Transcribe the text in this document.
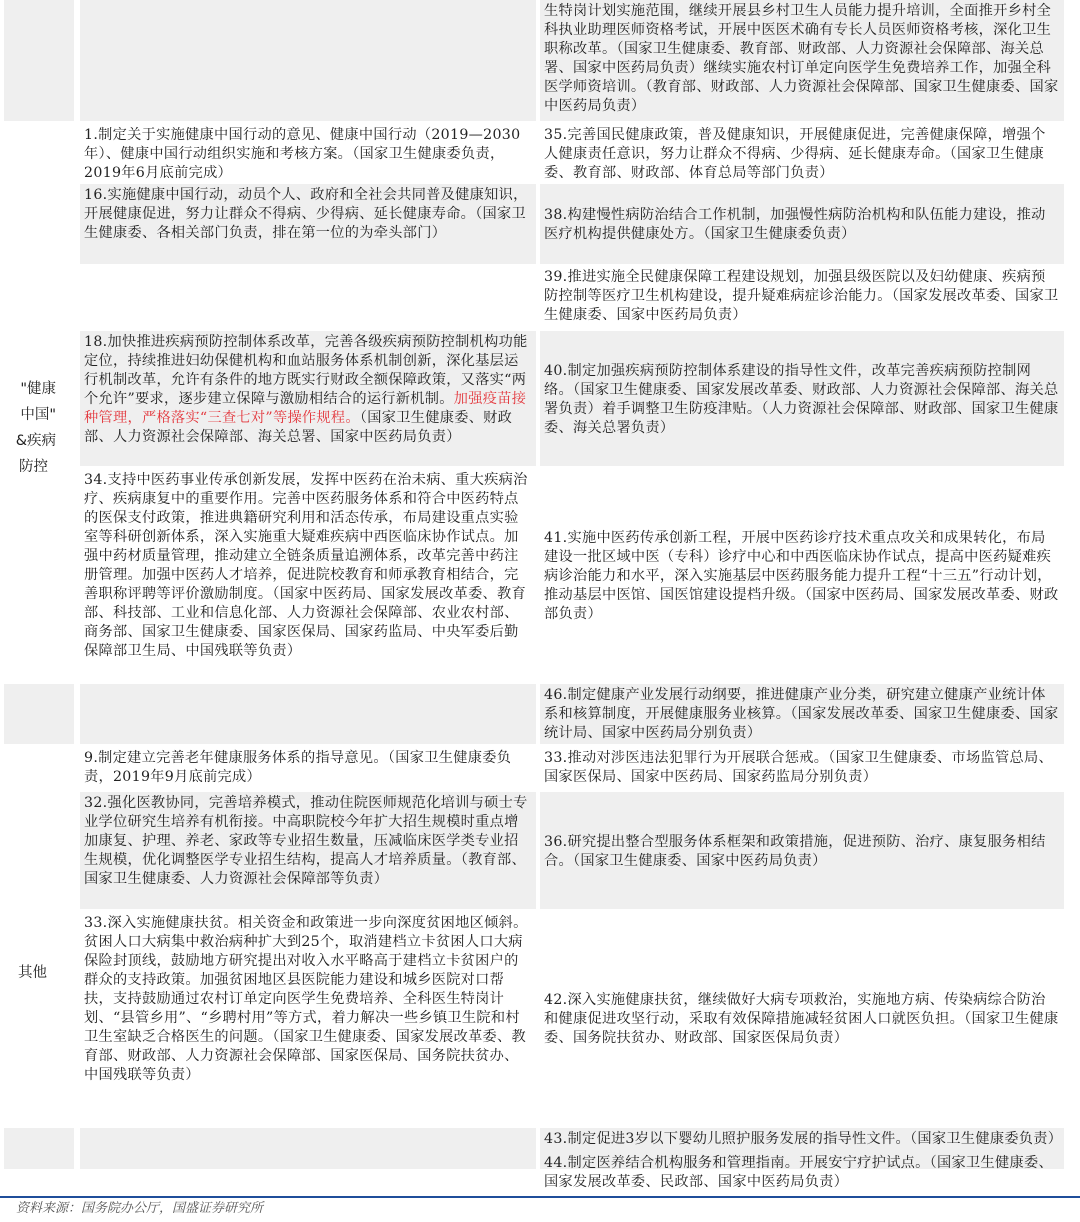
生特岗计划实施范围，继续开展县乡村卫生人员能力提升培训，全面推开乡村全科执业助理医师资格考试，开展中医医术确有专长人员医师资格考核，深化卫生职称改革。（国家卫生健康委、教育部、财政部、人力资源社会保障部、海关总署、国家中医药局负责）继续实施农村订单定向医学生免费培养工作，加强全科医学师资培训。（教育部、财政部、人力资源社会保障部、国家卫生健康委、国家中医药局负责）
1.制定关于实施健康中国行动的意见、健康中国行动（2019—2030年）、健康中国行动组织实施和考核方案。（国家卫生健康委负责，2019年6月底前完成）
35.完善国民健康政策，普及健康知识，开展健康促进，完善健康保障，增强个人健康责任意识，努力让群众不得病、少得病、延长健康寿命。（国家卫生健康委、教育部、财政部、体育总局等部门负责）
16.实施健康中国行动，动员个人、政府和全社会共同普及健康知识，开展健康促进，努力让群众不得病、少得病、延长健康寿命。（国家卫生健康委、各相关部门负责，排在第一位的为牵头部门）
38.构建慢性病防治结合工作机制，加强慢性病防治机构和队伍能力建设，推动医疗机构提供健康处方。（国家卫生健康委负责）
39.推进实施全民健康保障工程建设规划，加强县级医院以及妇幼健康、疾病预防控制等医疗卫生机构建设，提升疑难病症诊治能力。（国家发展改革委、国家卫生健康委、国家中医药局负责）
18.加快推进疾病预防控制体系改革，完善各级疾病预防控制机构功能定位，持续推进妇幼保健机构和血站服务体系机制创新，深化基层运行机制改革，允许有条件的地方既实行财政全额保障政策，又落实“两个允许”要求，逐步建立保障与激励相结合的运行新机制。加强疫苗接种管理，严格落实“三查七对”等操作规程。（国家卫生健康委、财政部、人力资源社会保障部、海关总署、国家中医药局负责）
40.制定加强疾病预防控制体系建设的指导性文件，改革完善疾病预防控制网络。（国家卫生健康委、国家发展改革委、财政部、人力资源社会保障部、海关总署负责）着手调整卫生防疫津贴。（人力资源社会保障部、财政部、国家卫生健康委、海关总署负责）
"健康
中国"
&疾病
防控
34.支持中医药事业传承创新发展，发挥中医药在治未病、重大疾病治疗、疾病康复中的重要作用。完善中医药服务体系和符合中医药特点的医保支付政策，推进典籍研究利用和活态传承，布局建设重点实验室等科研创新体系，深入实施重大疑难疾病中西医临床协作试点。加强中药材质量管理，推动建立全链条质量追溯体系，改革完善中药注册管理。加强中医药人才培养，促进院校教育和师承教育相结合，完善职称评聘等评价激励制度。（国家中医药局、国家发展改革委、教育部、科技部、工业和信息化部、人力资源社会保障部、农业农村部、商务部、国家卫生健康委、国家医保局、国家药监局、中央军委后勤保障部卫生局、中国残联等负责）
41.实施中医药传承创新工程，开展中医药诊疗技术重点攻关和成果转化，布局建设一批区域中医（专科）诊疗中心和中西医临床协作试点，提高中医药疑难疾病诊治能力和水平，深入实施基层中医药服务能力提升工程“十三五”行动计划，推动基层中医馆、国医馆建设提档升级。（国家中医药局、国家发展改革委、财政部负责）
46.制定健康产业发展行动纲要，推进健康产业分类，研究建立健康产业统计体系和核算制度，开展健康服务业核算。（国家发展改革委、国家卫生健康委、国家统计局、国家中医药局分别负责）
9.制定建立完善老年健康服务体系的指导意见。（国家卫生健康委负责，2019年9月底前完成）
33.推动对涉医违法犯罪行为开展联合惩戒。（国家卫生健康委、市场监管总局、国家医保局、国家中医药局、国家药监局分别负责）
32.强化医教协同，完善培养模式，推动住院医师规范化培训与硕士专业学位研究生培养有机衔接。中高职院校今年扩大招生规模时重点增加康复、护理、养老、家政等专业招生数量，压减临床医学类专业招生规模，优化调整医学专业招生结构，提高人才培养质量。（教育部、国家卫生健康委、人力资源社会保障部等负责）
36.研究提出整合型服务体系框架和政策措施，促进预防、治疗、康复服务相结合。（国家卫生健康委、国家中医药局负责）
33.深入实施健康扶贫。相关资金和政策进一步向深度贫困地区倾斜。贫困人口大病集中救治病种扩大到25个，取消建档立卡贫困人口大病保险封顶线，鼓励地方研究提出对收入水平略高于建档立卡贫困户的群众的支持政策。加强贫困地区县医院能力建设和城乡医院对口帮扶，支持鼓励通过农村订单定向医学生免费培养、全科医生特岗计划、“县管乡用”、“乡聘村用”等方式，着力解决一些乡镇卫生院和村卫生室缺乏合格医生的问题。（国家卫生健康委、国家发展改革委、教育部、财政部、人力资源社会保障部、国家医保局、国务院扶贫办、中国残联等负责）
42.深入实施健康扶贫，继续做好大病专项救治，实施地方病、传染病综合防治和健康促进攻坚行动，采取有效保障措施减轻贫困人口就医负担。（国家卫生健康委、国务院扶贫办、财政部、国家医保局负责）
其他
43.制定促进3岁以下婴幼儿照护服务发展的指导性文件。（国家卫生健康委负责）
44.制定医养结合机构服务和管理指南。开展安宁疗护试点。（国家卫生健康委、国家发展改革委、民政部、国家中医药局负责）
资料来源：国务院办公厅，国盛证券研究所
